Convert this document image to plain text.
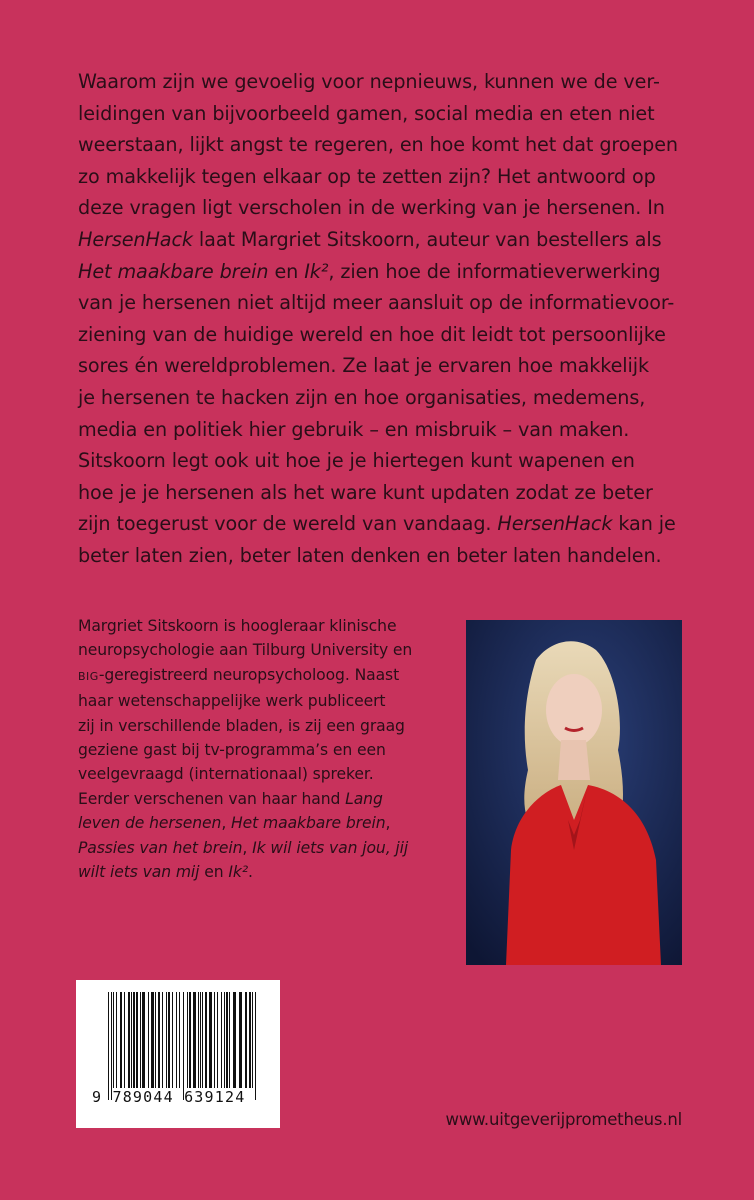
Waarom zijn we gevoelig voor nepnieuws, kunnen we de ver-
leidingen van bijvoorbeeld gamen, social media en eten niet
weerstaan, lijkt angst te regeren, en hoe komt het dat groepen
zo makkelijk tegen elkaar op te zetten zijn? Het antwoord op
deze vragen ligt verscholen in de werking van je hersenen. In
HersenHack laat Margriet Sitskoorn, auteur van bestellers als
Het maakbare brein en Ik², zien hoe de informatieverwerking
van je hersenen niet altijd meer aansluit op de informatievoor-
ziening van de huidige wereld en hoe dit leidt tot persoonlijke
sores én wereldproblemen. Ze laat je ervaren hoe makkelijk
je hersenen te hacken zijn en hoe organisaties, medemens,
media en politiek hier gebruik – en misbruik – van maken.
Sitskoorn legt ook uit hoe je je hiertegen kunt wapenen en
hoe je je hersenen als het ware kunt updaten zodat ze beter
zijn toegerust voor de wereld van vandaag. HersenHack kan je
beter laten zien, beter laten denken en beter laten handelen.
Margriet Sitskoorn is hoogleraar klinische
neuropsychologie aan Tilburg University en
BIG-geregistreerd neuropsycholoog. Naast
haar wetenschappelijke werk publiceert
zij in verschillende bladen, is zij een graag
geziene gast bij tv-programma’s en een
veelgevraagd (internationaal) spreker.
Eerder verschenen van haar hand Lang
leven de hersenen, Het maakbare brein,
Passies van het brein, Ik wil iets van jou, jij
wilt iets van mij en Ik².
9 789044 639124
www.uitgeverijprometheus.nl
